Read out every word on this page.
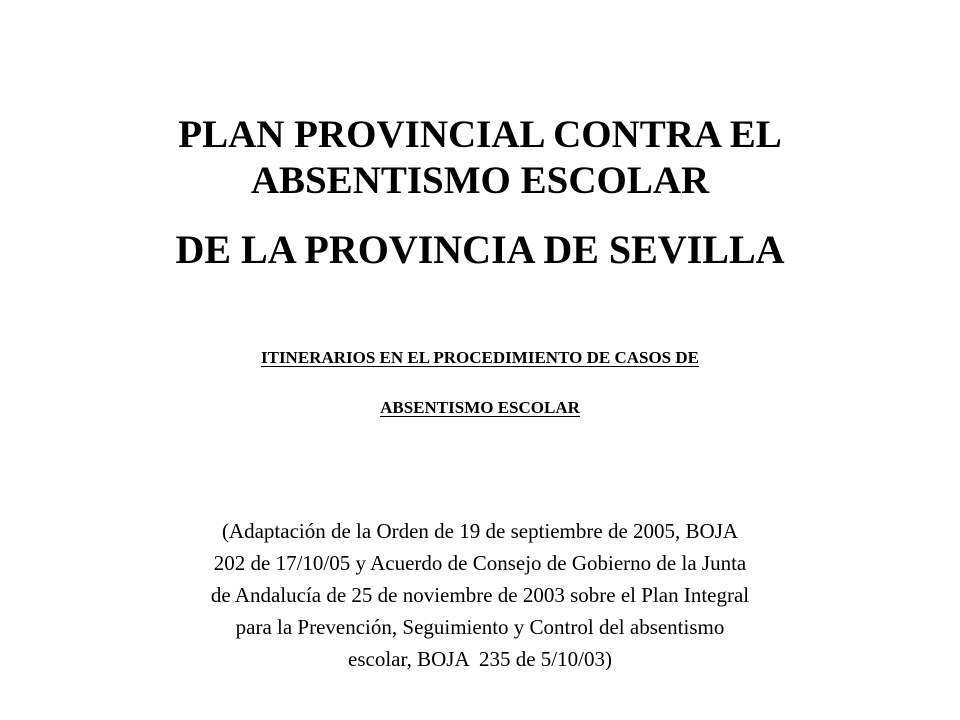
PLAN PROVINCIAL CONTRA EL
ABSENTISMO ESCOLAR
DE LA PROVINCIA DE SEVILLA
ITINERARIOS EN EL PROCEDIMIENTO DE CASOS DE
ABSENTISMO ESCOLAR
(Adaptación de la Orden de 19 de septiembre de 2005, BOJA
202 de 17/10/05 y Acuerdo de Consejo de Gobierno de la Junta
de Andalucía de 25 de noviembre de 2003 sobre el Plan Integral
para la Prevención, Seguimiento y Control del absentismo
escolar, BOJA  235 de 5/10/03)
